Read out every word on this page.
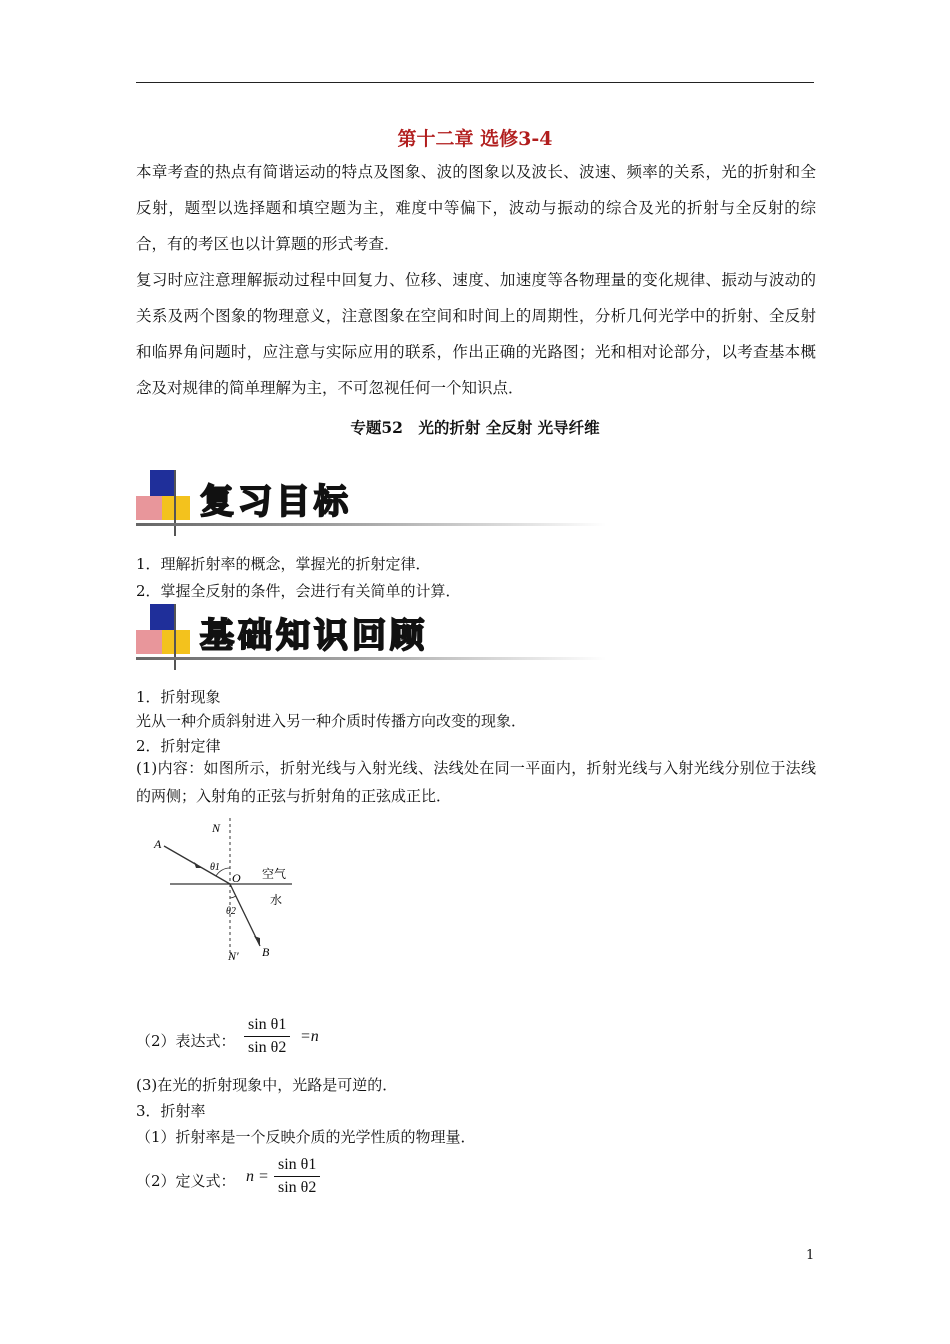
第十二章 选修3-4
本章考查的热点有简谐运动的特点及图象、波的图象以及波长、波速、频率的关系，光的折射和全反射，题型以选择题和填空题为主，难度中等偏下，波动与振动的综合及光的折射与全反射的综合，有的考区也以计算题的形式考查．
复习时应注意理解振动过程中回复力、位移、速度、加速度等各物理量的变化规律、振动与波动的关系及两个图象的物理意义，注意图象在空间和时间上的周期性，分析几何光学中的折射、全反射和临界角问题时，应注意与实际应用的联系，作出正确的光路图；光和相对论部分，以考查基本概念及对规律的简单理解为主，不可忽视任何一个知识点．
专题52　光的折射 全反射 光导纤维
复习目标
1．理解折射率的概念，掌握光的折射定律．
2．掌握全反射的条件，会进行有关简单的计算．
基础知识回顾
1．折射现象
光从一种介质斜射进入另一种介质时传播方向改变的现象．
2．折射定律
(1)内容：如图所示，折射光线与入射光线、法线处在同一平面内，折射光线与入射光线分别位于法线的两侧；入射角的正弦与折射角的正弦成正比．
A
N
θ1
O 空气
水
θ2
B
N′
（2）表达式： $\frac{\text{sin θ1}}{\text{sin θ2}} =n$
(3)在光的折射现象中，光路是可逆的．
3．折射率
（1）折射率是一个反映介质的光学性质的物理量．
（2）定义式： $n = \frac{\text{sin θ1}}{\text{sin θ2}}$
1
